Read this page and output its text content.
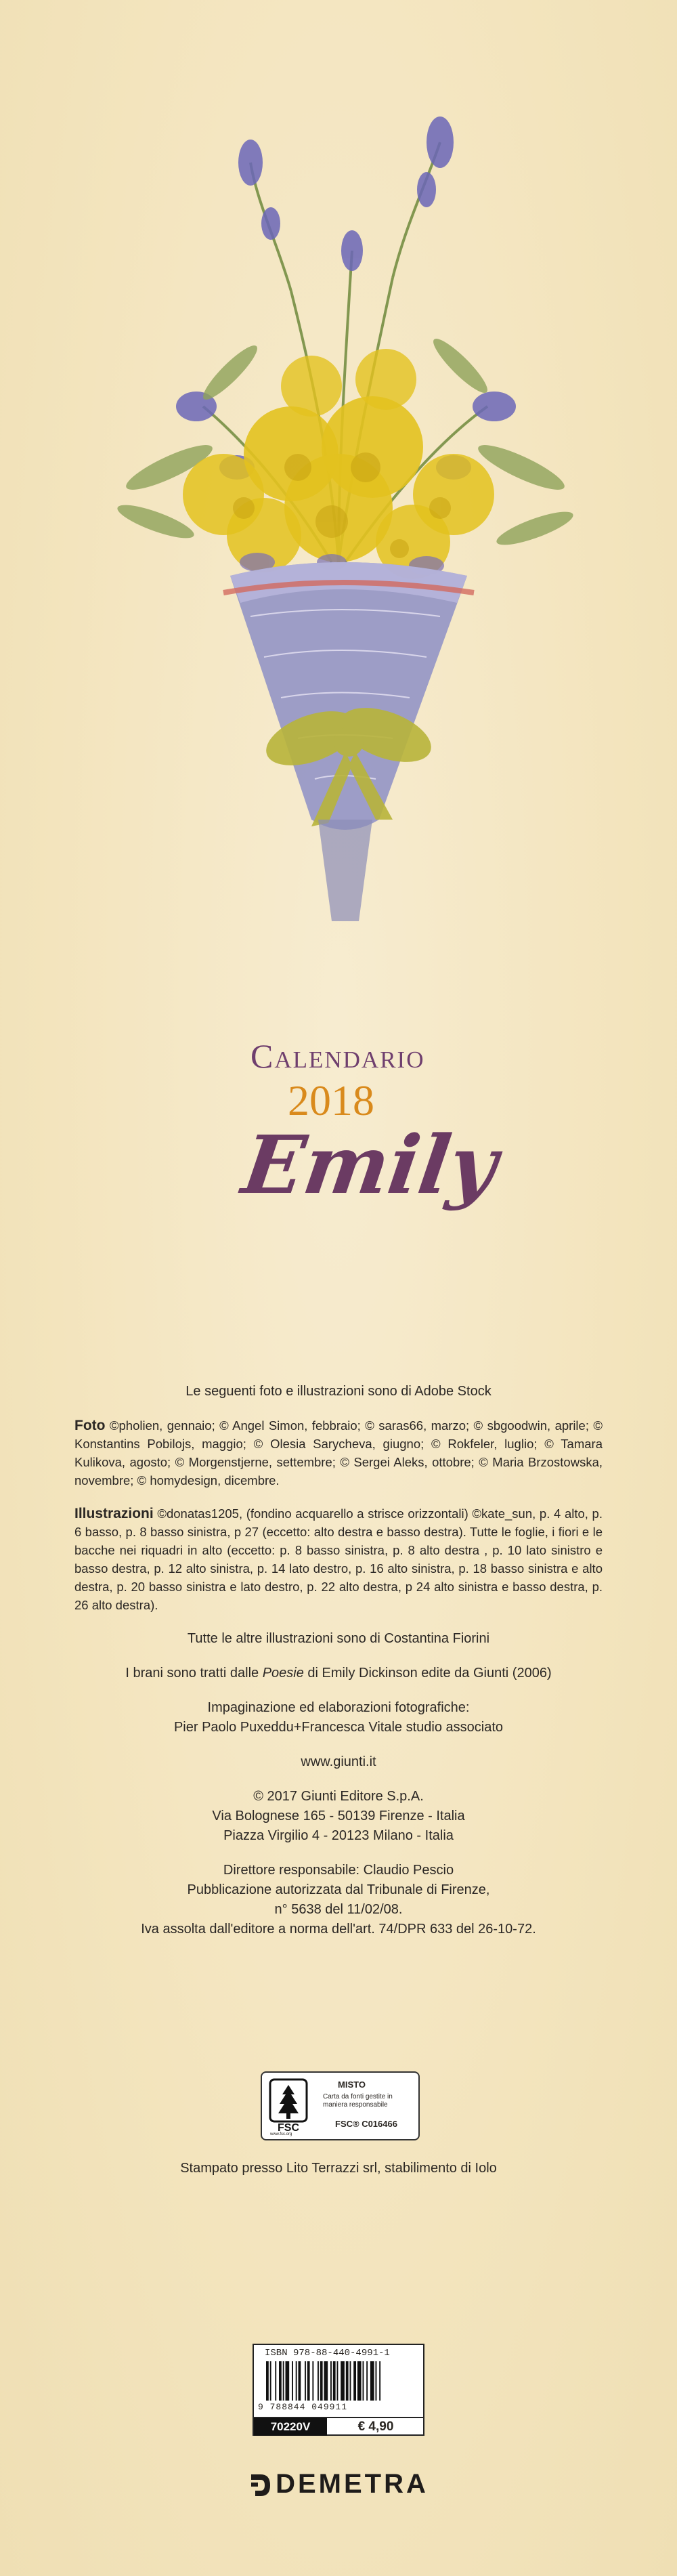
Calendario
2018
Emily
Le seguenti foto e illustrazioni sono di Adobe Stock
Foto ©pholien, gennaio; © Angel Simon, febbraio; © saras66, marzo; © sbgoodwin, aprile; © Konstantins Pobilojs, maggio; © Olesia Sarycheva, giugno; © Rokfeler, luglio; © Tamara Kulikova, agosto; © Morgenstjerne, settembre; © Sergei Aleks, ottobre; © Maria Brzostowska, novembre; © homydesign, dicembre.
Illustrazioni ©donatas1205, (fondino acquarello a strisce orizzontali) ©kate_sun, p. 4 alto, p. 6 basso, p. 8 basso sinistra, p 27 (eccetto: alto destra e basso destra). Tutte le foglie, i fiori e le bacche nei riquadri in alto (eccetto: p. 8 basso sinistra, p. 8 alto destra , p. 10 lato sinistro e basso destra, p. 12 alto sinistra, p. 14 lato destro, p. 16 alto sinistra, p. 18 basso sinistra e alto destra, p. 20 basso sinistra e lato destro, p. 22 alto destra, p 24 alto sinistra e basso destra, p. 26 alto destra).
Tutte le altre illustrazioni sono di Costantina Fiorini
I brani sono tratti dalle Poesie di Emily Dickinson edite da Giunti (2006)
Impaginazione ed elaborazioni fotografiche:
Pier Paolo Puxeddu+Francesca Vitale studio associato
www.giunti.it
© 2017 Giunti Editore S.p.A.
Via Bolognese 165 - 50139 Firenze - Italia
Piazza Virgilio 4 - 20123 Milano - Italia
Direttore responsabile: Claudio Pescio
Pubblicazione autorizzata dal Tribunale di Firenze,
n° 5638 del 11/02/08.
Iva assolta dall'editore a norma dell'art. 74/DPR 633 del 26-10-72.
FSC
MISTO
Carta da fonti gestite in maniera responsabile
FSC® C016466
www.fsc.org
Stampato presso Lito Terrazzi srl, stabilimento di Iolo
ISBN 978-88-440-4991-1
9 788844 049911
70220V	€ 4,90
DEMETRA
